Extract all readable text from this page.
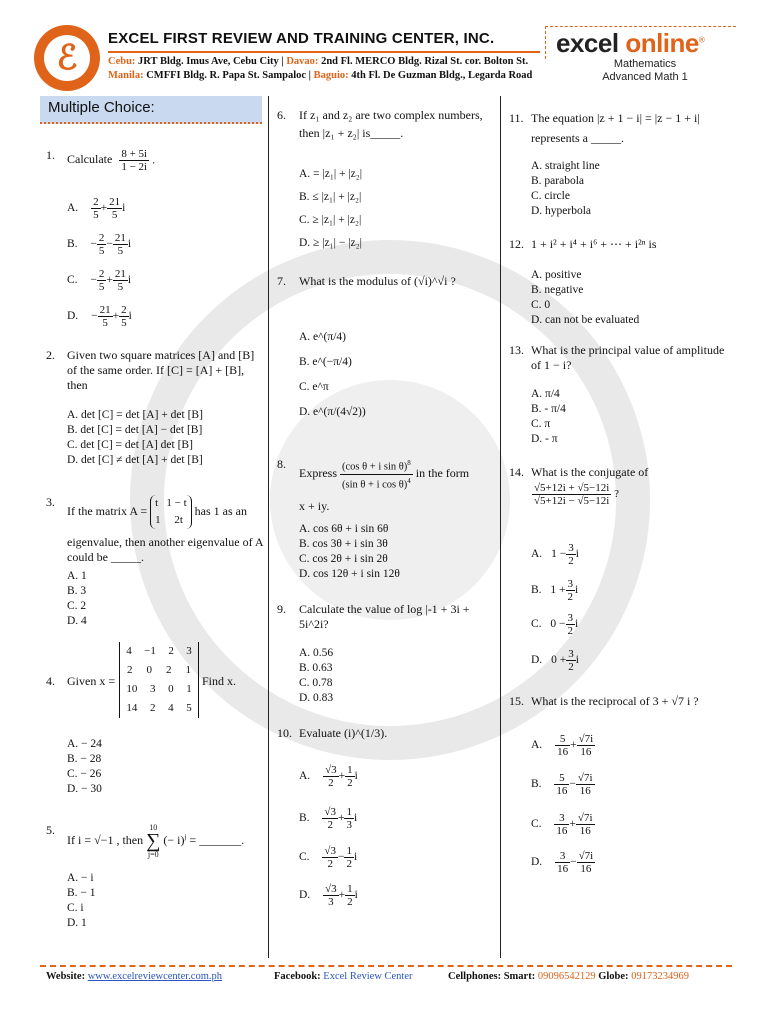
ℰ
EXCEL FIRST REVIEW AND TRAINING CENTER, INC.
Cebu: JRT Bldg. Imus Ave, Cebu City | Davao: 2nd Fl. MERCO Bldg. Rizal St. cor. Bolton St.
Manila: CMFFI Bldg. R. Papa St. Sampaloc | Baguio: 4th Fl. De Guzman Bldg., Legarda Road
excel online®
Mathematics
Advanced Math 1
Multiple Choice:
1. Calculate $\frac{8 + 5i}{1 - 2i}$ .
A. $\frac{2}{5} + \frac{21}{5}$ i
B. − $\frac{2}{5} - \frac{21}{5}$ i
C. − $\frac{2}{5} + \frac{21}{5}$ i
D. − $\frac{21}{5} + \frac{2}{5}$ i
2. Given two square matrices [A] and [B] of the same order. If [C] = [A] + [B], then
A. det [C] = det [A] + det [B]
B. det [C] = det [A] − det [B]
C. det [C] = det [A] det [B]
D. det [C] ≠ det [A] + det [B]
3.
If the matrix A = t   1 − t
1     2t has 1 as an
eigenvalue, then another eigenvalue of A could be _____.
A. 1
B. 3
C. 2
D. 4
4. Given x =
4 −1 2 3
2 0 2 1
10 3 0 1
14 2 4 5
Find x.
A. − 24
B. − 28
C. − 26
D. − 30
5.
If i = √−1 , then
10
∑
j=0
(− i)$^j$ = _______.
A. − i
B. − 1
C. i
D. 1
6. If z₁ and z₂ are two complex numbers,
then |z₁ + z₂| is_____.
A. = |z₁| + |z₂|
B. ≤ |z₁| + |z₂|
C. ≥ |z₁| + |z₂|
D. ≥ |z₁| − |z₂|
7. What is the modulus of (√i)^√i ?
A. e^(π/4)
B. e^(−π/4)
C. e^π
D. e^(π/(4√2))
8.
Express $\frac{(\cos \theta + i \sin \theta)^8}{(\sin \theta + i \cos \theta)^4}$ in the form
x + iy.
A. cos 6θ + i sin 6θ
B. cos 3θ + i sin 3θ
C. cos 2θ + i sin 2θ
D. cos 12θ + i sin 12θ
9. Calculate the value of log |-1 + 3i + 5i^2i?
A. 0.56
B. 0.63
C. 0.78
D. 0.83
10. Evaluate (i)^(1/3).
A. $\frac{√3}{2} + \frac{1}{2}$ i
B. $\frac{√3}{2} + \frac{1}{3}$ i
C. $\frac{√3}{2} - \frac{1}{2}$ i
D. $\frac{√3}{3} + \frac{1}{2}$ i
11. The equation |z + 1 − i| = |z − 1 + i|
represents a _____.
A. straight line
B. parabola
C. circle
D. hyperbola
12. 1 + i² + i⁴ + i⁶ + ⋯ + i²ⁿ is
A. positive
B. negative
C. 0
D. can not be evaluated
13. What is the principal value of amplitude of 1 − i?
A. π/4
B. - π/4
C. π
D. - π
14. What is the conjugate of
$\frac{√5+12i + √5-12i}{√5+12i - √5-12i}$ ?
A. $1 - \frac{3}{2}$ i
B. $1 + \frac{3}{2}$ i
C. $0 - \frac{3}{2}$ i
D. $0 + \frac{3}{2}$ i
15. What is the reciprocal of 3 + √7 i ?
A. $\frac{5}{16} + \frac{√7i}{16}$
B. $\frac{5}{16} - \frac{√7i}{16}$
C. $\frac{3}{16} + \frac{√7i}{16}$
D. $\frac{3}{16} - \frac{√7i}{16}$
Website: www.excelreviewcenter.com.ph	Facebook: Excel Review Center	Cellphones: Smart: 09096542129 Globe: 09173234969
